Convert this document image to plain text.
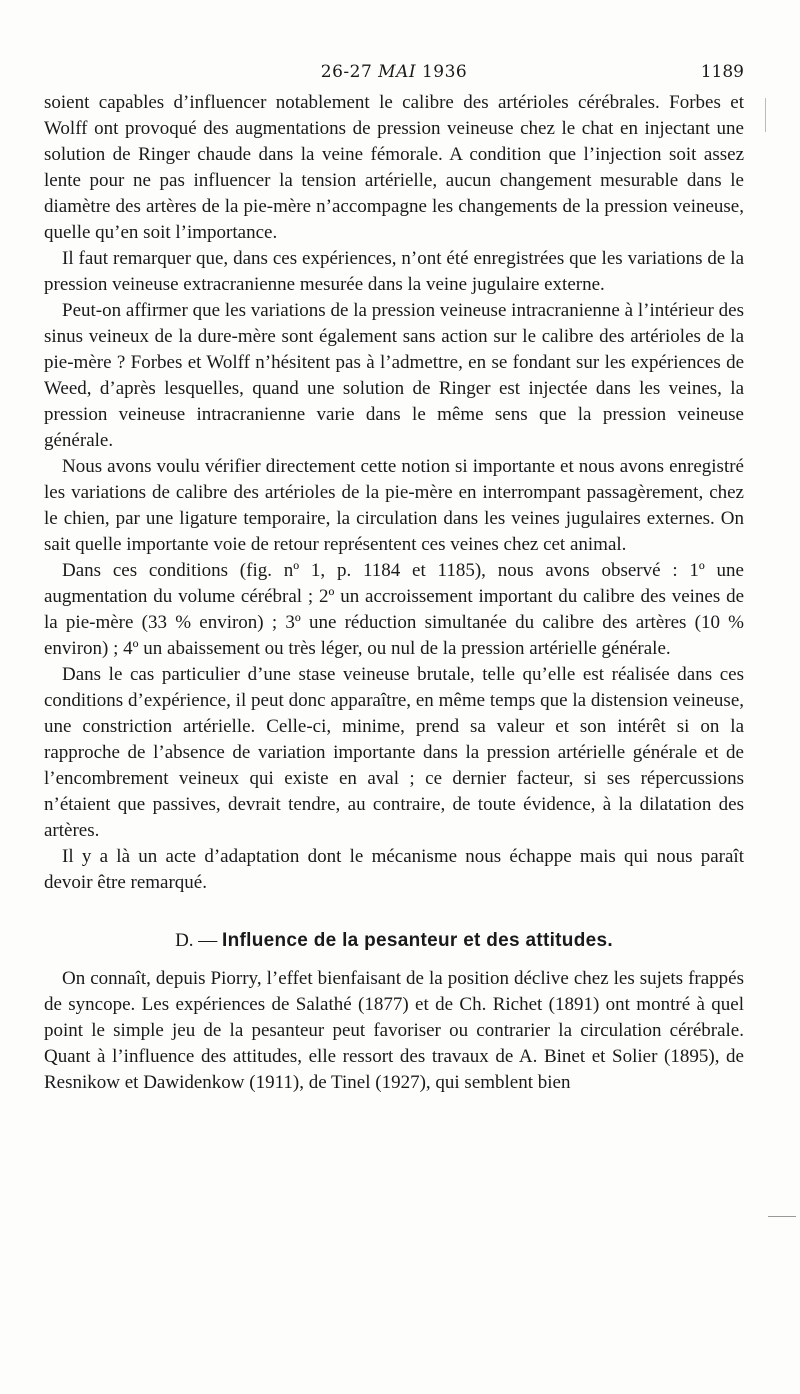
26-27 MAI 1936	1189

soient capables d’influencer notablement le calibre des artérioles cérébrales. Forbes et Wolff ont provoqué des augmentations de pression veineuse chez le chat en injectant une solution de Ringer chaude dans la veine fémorale. A condition que l’injection soit assez lente pour ne pas influencer la tension artérielle, aucun changement mesurable dans le diamètre des artères de la pie-mère n’accompagne les changements de la pression veineuse, quelle qu’en soit l’importance.

Il faut remarquer que, dans ces expériences, n’ont été enregistrées que les variations de la pression veineuse extracranienne mesurée dans la veine jugulaire externe.

Peut-on affirmer que les variations de la pression veineuse intracranienne à l’intérieur des sinus veineux de la dure-mère sont également sans action sur le calibre des artérioles de la pie-mère ? Forbes et Wolff n’hésitent pas à l’admettre, en se fondant sur les expériences de Weed, d’après lesquelles, quand une solution de Ringer est injectée dans les veines, la pression veineuse intracranienne varie dans le même sens que la pression veineuse générale.

Nous avons voulu vérifier directement cette notion si importante et nous avons enregistré les variations de calibre des artérioles de la pie-mère en interrompant passagèrement, chez le chien, par une ligature temporaire, la circulation dans les veines jugulaires externes. On sait quelle importante voie de retour représentent ces veines chez cet animal.

Dans ces conditions (fig. nº 1, p. 1184 et 1185), nous avons observé : 1º une augmentation du volume cérébral ; 2º un accroissement important du calibre des veines de la pie-mère (33 % environ) ; 3º une réduction simultanée du calibre des artères (10 % environ) ; 4º un abaissement ou très léger, ou nul de la pression artérielle générale.

Dans le cas particulier d’une stase veineuse brutale, telle qu’elle est réalisée dans ces conditions d’expérience, il peut donc apparaître, en même temps que la distension veineuse, une constriction artérielle. Celle-ci, minime, prend sa valeur et son intérêt si on la rapproche de l’absence de variation importante dans la pression artérielle générale et de l’encombrement veineux qui existe en aval ; ce dernier facteur, si ses répercussions n’étaient que passives, devrait tendre, au contraire, de toute évidence, à la dilatation des artères.

Il y a là un acte d’adaptation dont le mécanisme nous échappe mais qui nous paraît devoir être remarqué.

D. — Influence de la pesanteur et des attitudes.

On connaît, depuis Piorry, l’effet bienfaisant de la position déclive chez les sujets frappés de syncope. Les expériences de Salathé (1877) et de Ch. Richet (1891) ont montré à quel point le simple jeu de la pesanteur peut favoriser ou contrarier la circulation cérébrale. Quant à l’influence des attitudes, elle ressort des travaux de A. Binet et Solier (1895), de Resnikow et Dawidenkow (1911), de Tinel (1927), qui semblent bien
